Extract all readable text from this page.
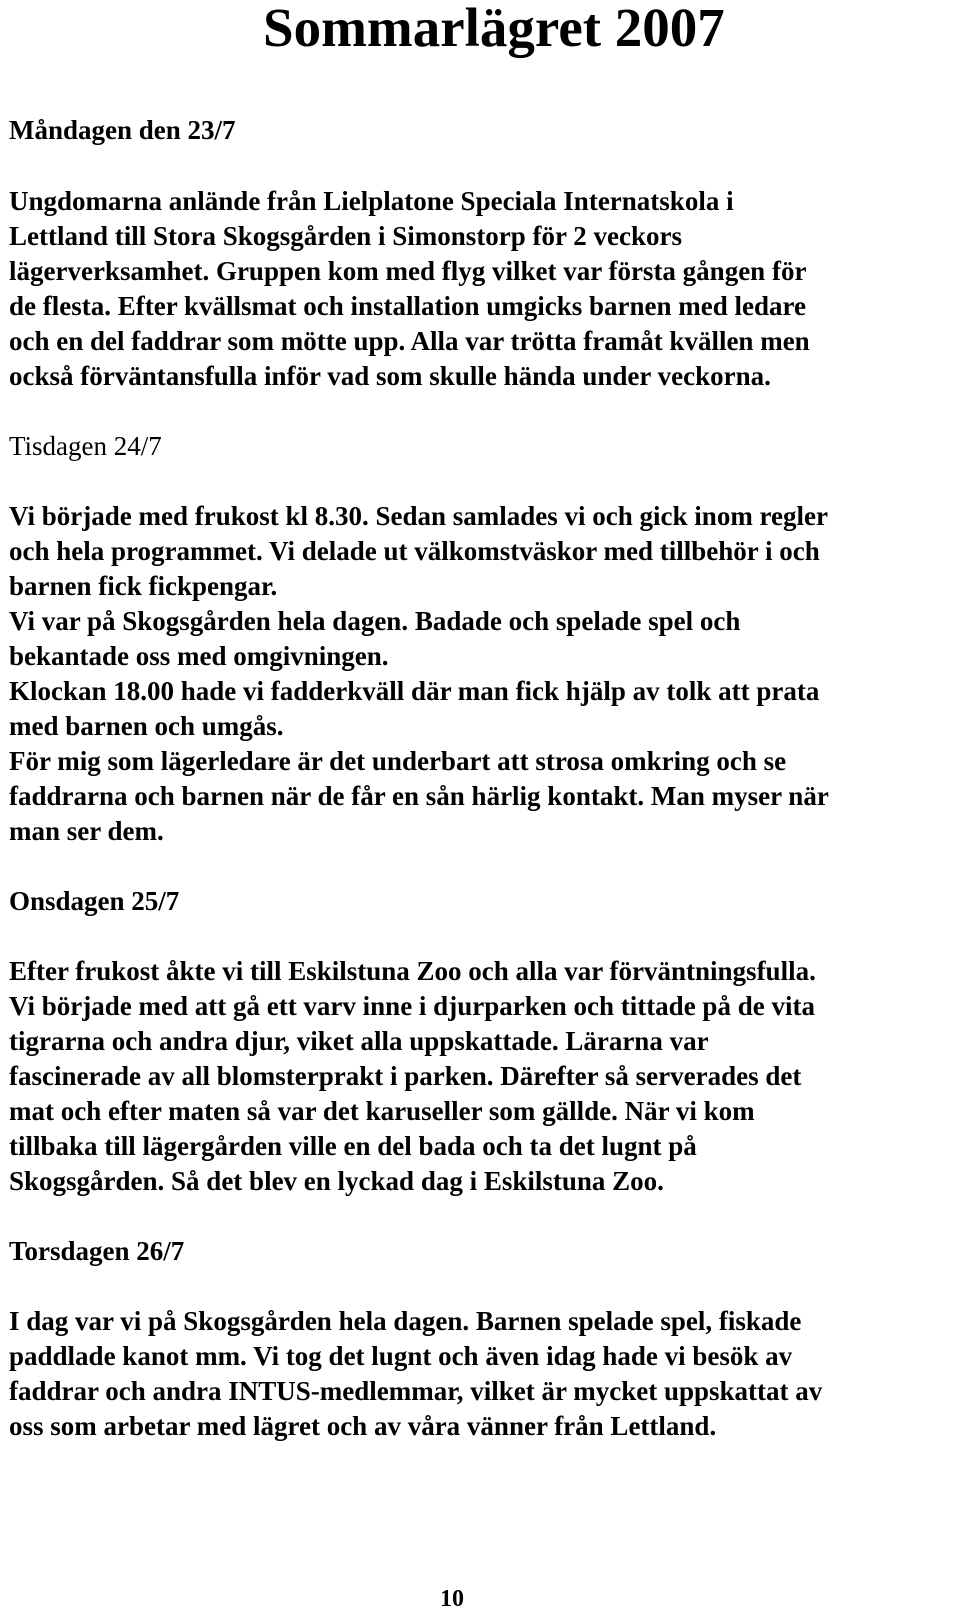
Sommarlägret 2007

Måndagen den 23/7

Ungdomarna anlände från Lielplatone Speciala Internatskola i

Lettland till Stora Skogsgården i Simonstorp för 2 veckors

lägerverksamhet. Gruppen kom med flyg vilket var första gången för

de flesta. Efter kvällsmat och installation umgicks barnen med ledare

och en del faddrar som mötte upp. Alla var trötta framåt kvällen men

också förväntansfulla inför vad som skulle hända under veckorna.

Tisdagen 24/7

Vi började med frukost kl 8.30. Sedan samlades vi och gick inom regler

och hela programmet. Vi delade ut välkomstväskor med tillbehör i och

barnen fick fickpengar.

Vi var på Skogsgården hela dagen. Badade och spelade spel och

bekantade oss med omgivningen.

Klockan 18.00 hade vi fadderkväll där man fick hjälp av tolk att prata

med barnen och umgås.

För mig som lägerledare är det underbart att strosa omkring och se

faddrarna och barnen när de får en sån härlig kontakt. Man myser när

man ser dem.

Onsdagen 25/7

Efter frukost åkte vi till Eskilstuna Zoo och alla var förväntningsfulla.

Vi började med att gå ett varv inne i djurparken och tittade på de vita

tigrarna och andra djur, viket alla uppskattade. Lärarna var

fascinerade av all blomsterprakt i parken. Därefter så serverades det

mat och efter maten så var det karuseller som gällde. När vi kom

tillbaka till lägergården ville en del bada och ta det lugnt på

Skogsgården. Så det blev en lyckad dag i Eskilstuna Zoo.

Torsdagen 26/7

I dag var vi på Skogsgården hela dagen. Barnen spelade spel, fiskade

paddlade kanot mm. Vi tog det lugnt och även idag hade vi besök av

faddrar och andra INTUS-medlemmar, vilket är mycket uppskattat av

oss som arbetar med lägret och av våra vänner från Lettland.

10
